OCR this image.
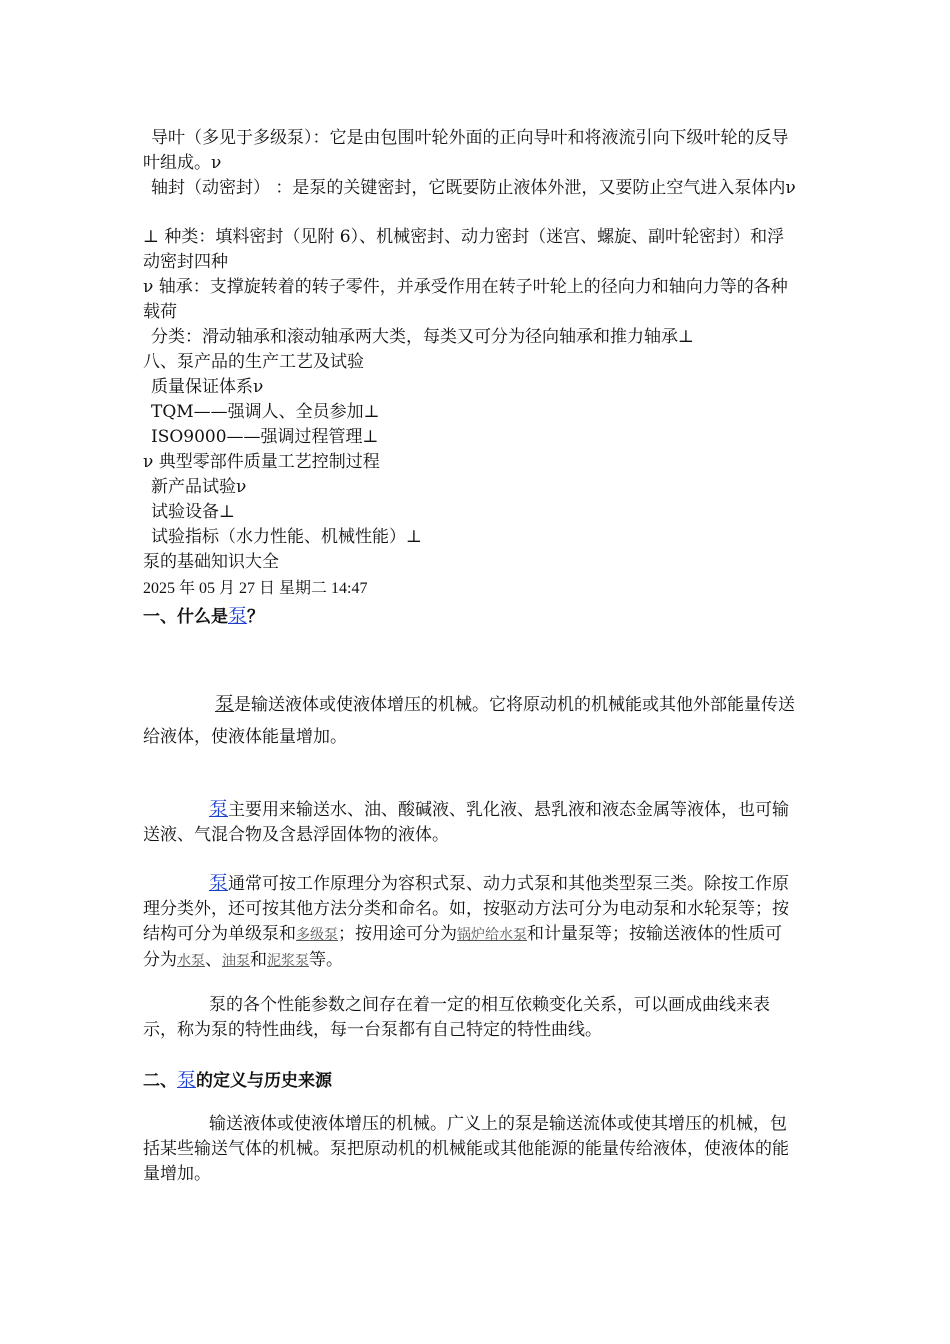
导叶（多见于多级泵）：它是由包围叶轮外面的正向导叶和将液流引向下级叶轮的反导叶组成。ν
轴封（动密封） ：是泵的关键密封，它既要防止液体外泄，又要防止空气进入泵体内ν
⊥ 种类：填料密封（见附 6）、机械密封、动力密封（迷宫、螺旋、副叶轮密封）和浮动密封四种
ν 轴承：支撑旋转着的转子零件，并承受作用在转子叶轮上的径向力和轴向力等的各种载荷
分类：滑动轴承和滚动轴承两大类，每类又可分为径向轴承和推力轴承⊥
八、泵产品的生产工艺及试验
质量保证体系ν
TQM——强调人、全员参加⊥
ISO9000——强调过程管理⊥
ν 典型零部件质量工艺控制过程
新产品试验ν
试验设备⊥
试验指标（水力性能、机械性能）⊥
泵的基础知识大全
2025 年 05 月 27 日 星期二 14:47
一、什么是泵？
泵是输送液体或使液体增压的机械。它将原动机的机械能或其他外部能量传送给液体，使液体能量增加。
泵主要用来输送水、油、酸碱液、乳化液、悬乳液和液态金属等液体，也可输送液、气混合物及含悬浮固体物的液体。
泵通常可按工作原理分为容积式泵、动力式泵和其他类型泵三类。除按工作原理分类外，还可按其他方法分类和命名。如，按驱动方法可分为电动泵和水轮泵等；按结构可分为单级泵和多级泵；按用途可分为锅炉给水泵和计量泵等；按输送液体的性质可分为水泵、油泵和泥浆泵等。
泵的各个性能参数之间存在着一定的相互依赖变化关系，可以画成曲线来表示，称为泵的特性曲线，每一台泵都有自己特定的特性曲线。
二、泵的定义与历史来源
输送液体或使液体增压的机械。广义上的泵是输送流体或使其增压的机械，包括某些输送气体的机械。泵把原动机的机械能或其他能源的能量传给液体，使液体的能量增加。
